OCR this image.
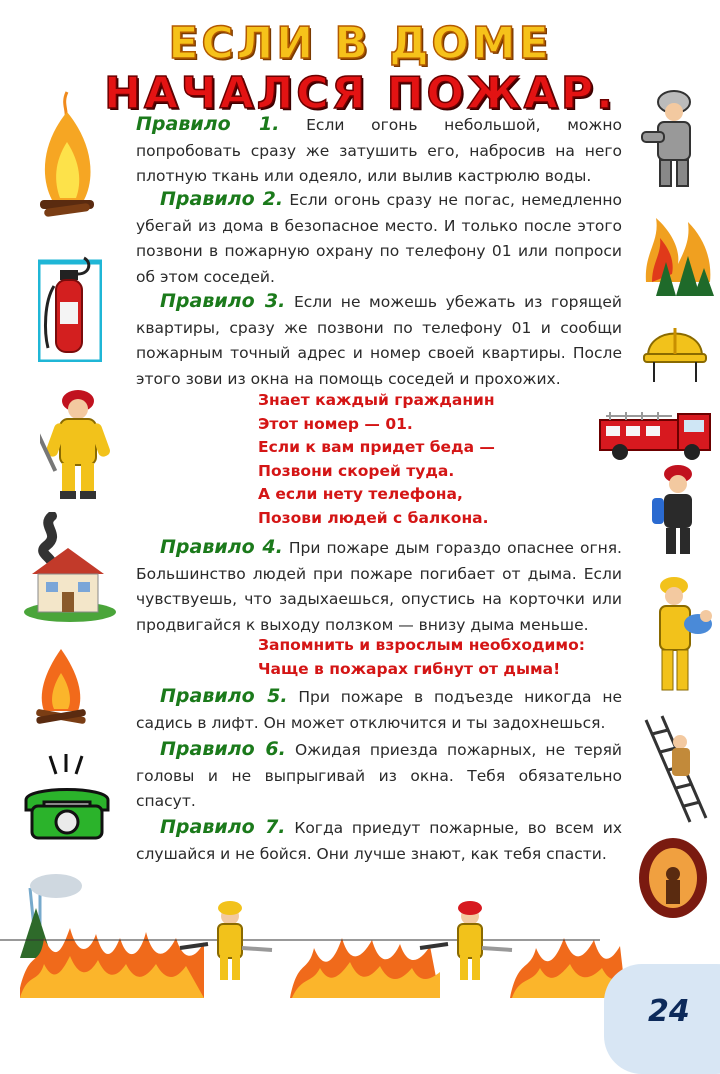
ЕСЛИ В ДОМЕ
НАЧАЛСЯ ПОЖАР.

Правило 1. Если огонь небольшой, можно попробовать сразу же затушить его, набросив на него плотную ткань или одеяло, или вылив кастрюлю воды.

Правило 2. Если огонь сразу не погас, немедленно убегай из дома в безопасное место. И только после этого позвони в пожарную охрану по телефону 01 или попроси об этом соседей.

Правило 3. Если не можешь убежать из горящей квартиры, сразу же позвони по телефону 01 и сообщи пожарным точный адрес и номер своей квартиры. После этого зови из окна на помощь соседей и прохожих.

Знает каждый гражданин
Этот номер — 01.
Если к вам придет беда —
Позвони скорей туда.
А если нету телефона,
Позови людей с балкона.

Правило 4. При пожаре дым гораздо опаснее огня. Большинство людей при пожаре погибает от дыма. Если чувствуешь, что задыхаешься, опустись на корточки или продвигайся к выходу ползком — внизу дыма меньше.

Запомнить и взрослым необходимо:
Чаще в пожарах гибнут от дыма!

Правило 5. При пожаре в подъезде никогда не садись в лифт. Он может отключится и ты задохнешься.

Правило 6. Ожидая приезда пожарных, не теряй головы и не выпрыгивай из окна. Тебя обязательно спасут.

Правило 7. Когда приедут пожарные, во всем их слушайся и не бойся. Они лучше знают, как тебя спасти.

24
